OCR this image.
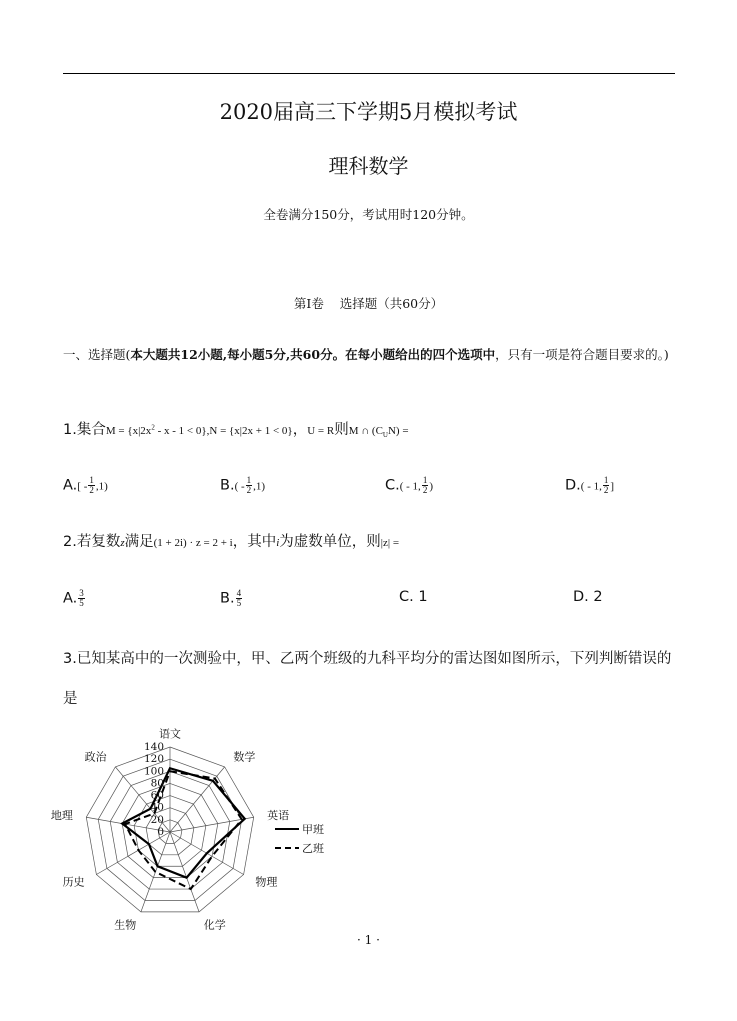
2020届高三下学期5月模拟考试
理科数学
全卷满分150分，考试用时120分钟。
第I卷    选择题（共60分）
一、选择题(本大题共12小题,每小题5分,共60分。在每小题给出的四个选项中，只有一项是符合题目要求的。)
1.集合$M = \{x|2x^2 - x - 1 < 0\},N = \{x|2x + 1 < 0\}$，U = R则M ∩ $(C_UN)$ =
$A.[ - \frac{1}{2} ,1)$	$B.( - \frac{1}{2} ,1)$	C.( - 1, $\frac{1}{2}$ )	D.( - 1, $\frac{1}{2}$ ]
2.若复数z满足(1 + 2i) · z = 2 + i，其中i为虚数单位，则|z| =
A. $\frac{3}{5}$	B. $\frac{4}{5}$	C. 1	D. 2
3.已知某高中的一次测验中，甲、乙两个班级的九科平均分的雷达图如图所示，下列判断错误的是
0
20
40
60
80
100
120
140
语文
数学
英语
物理
化学
生物
历史
地理
政治
甲班
乙班
· 1 ·
